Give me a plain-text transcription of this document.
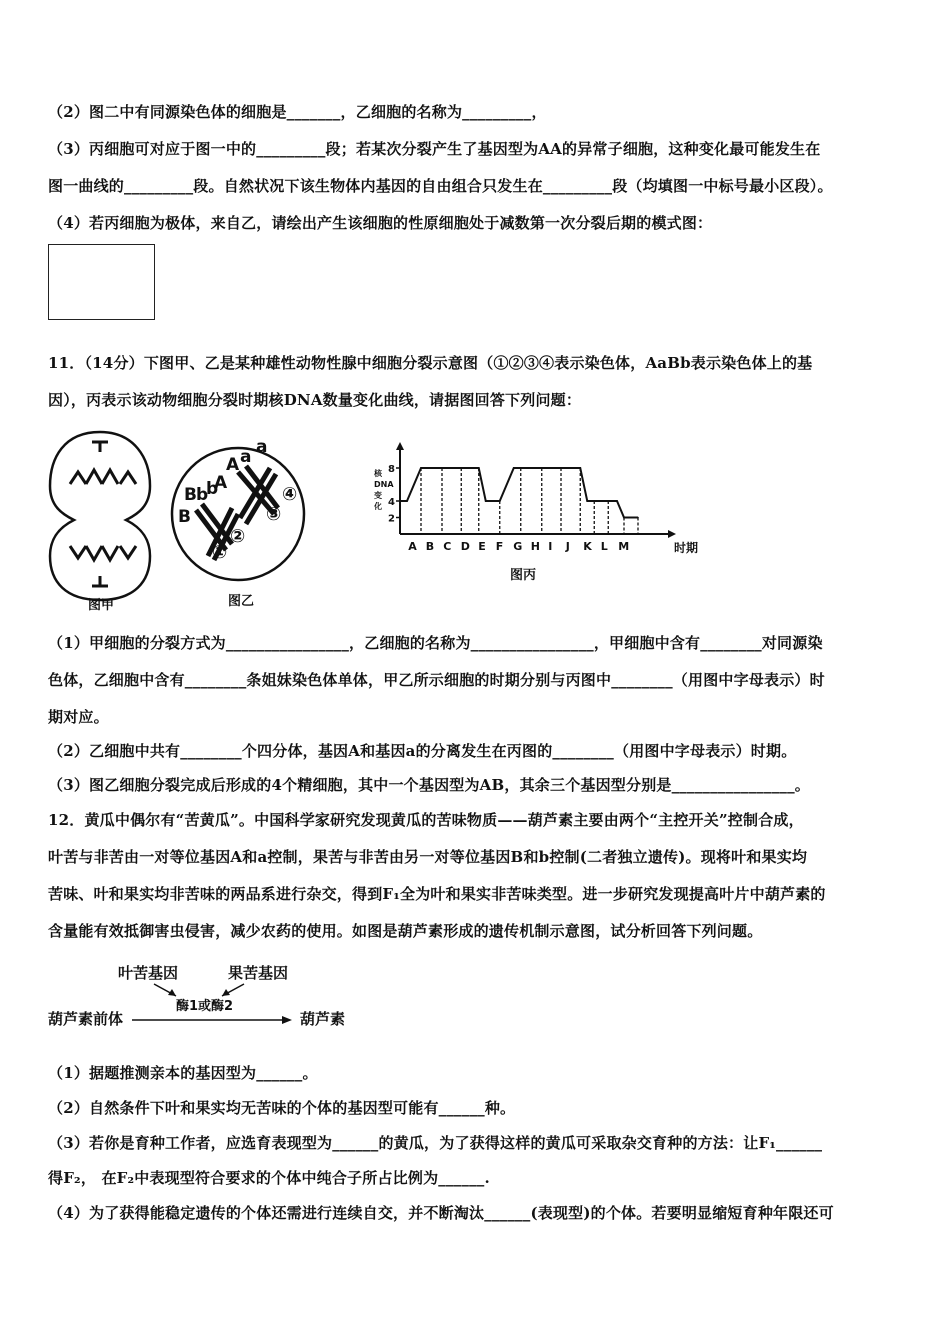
（2）图二中有同源染色体的细胞是_______，乙细胞的名称为_________，
（3）丙细胞可对应于图一中的_________段；若某次分裂产生了基因型为AA的异常子细胞，这种变化最可能发生在
图一曲线的_________段。自然状况下该生物体内基因的自由组合只发生在_________段（均填图一中标号最小区段）。
（4）若丙细胞为极体，来自乙，请绘出产生该细胞的性原细胞处于减数第一次分裂后期的模式图：
11．（14分）下图甲、乙是某种雄性动物性腺中细胞分裂示意图（①②③④表示染色体，AaBb表示染色体上的基
因），丙表示该动物细胞分裂时期核DNA数量变化曲线，请据图回答下列问题：
图甲
A a a
A
B b
b
B
①
②
③
④
图乙
2
4
8
A B C D E F G H I J K L M
核
DNA
变
化
时期
图丙
（1）甲细胞的分裂方式为________________，乙细胞的名称为________________，甲细胞中含有________对同源染
色体，乙细胞中含有________条姐妹染色体单体，甲乙所示细胞的时期分别与丙图中________（用图中字母表示）时
期对应。
（2）乙细胞中共有________个四分体，基因A和基因a的分离发生在丙图的________（用图中字母表示）时期。
（3）图乙细胞分裂完成后形成的4个精细胞，其中一个基因型为AB，其余三个基因型分别是________________。
12．黄瓜中偶尔有“苦黄瓜”。中国科学家研究发现黄瓜的苦味物质——葫芦素主要由两个“主控开关”控制合成，
叶苦与非苦由一对等位基因A和a控制，果苦与非苦由另一对等位基因B和b控制(二者独立遗传)。现将叶和果实均
苦味、叶和果实均非苦味的两品系进行杂交，得到F₁全为叶和果实非苦味类型。进一步研究发现提高叶片中葫芦素的
含量能有效抵御害虫侵害，减少农药的使用。如图是葫芦素形成的遗传机制示意图，试分析回答下列问题。
叶苦基因	果苦基因
酶1或酶2
葫芦素前体	葫芦素
（1）据题推测亲本的基因型为______。
（2）自然条件下叶和果实均无苦味的个体的基因型可能有______种。
（3）若你是育种工作者，应选育表现型为______的黄瓜，为了获得这样的黄瓜可采取杂交育种的方法：让F₁______
得F₂， 在F₂中表现型符合要求的个体中纯合子所占比例为______.
（4）为了获得能稳定遗传的个体还需进行连续自交，并不断淘汰______(表现型)的个体。若要明显缩短育种年限还可
